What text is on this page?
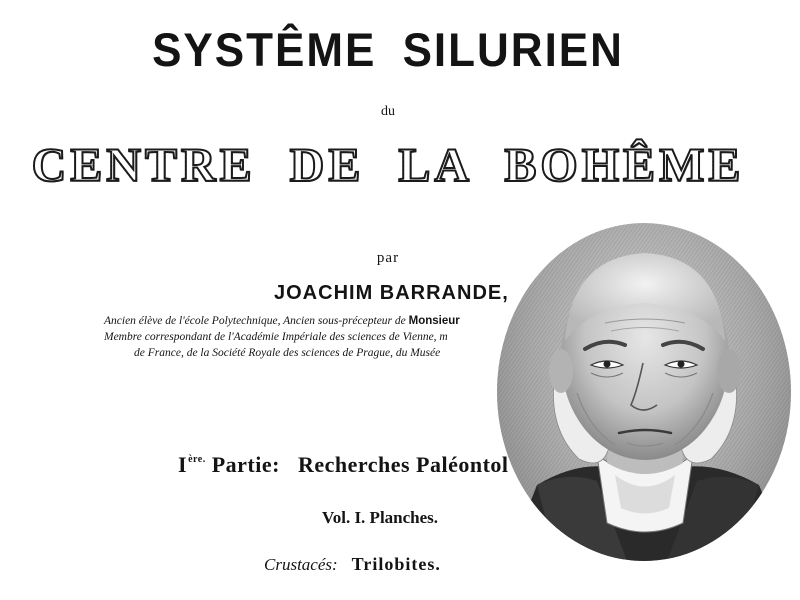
SYSTÊME SILURIEN
du
CENTRE DE LA BOHÊME
par
JOACHIM BARRANDE,
Ancien élève de l'école Polytechnique, Ancien sous-précepteur de Monsieur
Membre correspondant de l'Académie Impériale des sciences de Vienne, m
de France, de la Société Royale des sciences de Prague, du Musée
$I^{ère.}$ Partie: Recherches Paléontol
Vol. I. Planches.
Crustacés: Trilobites.
